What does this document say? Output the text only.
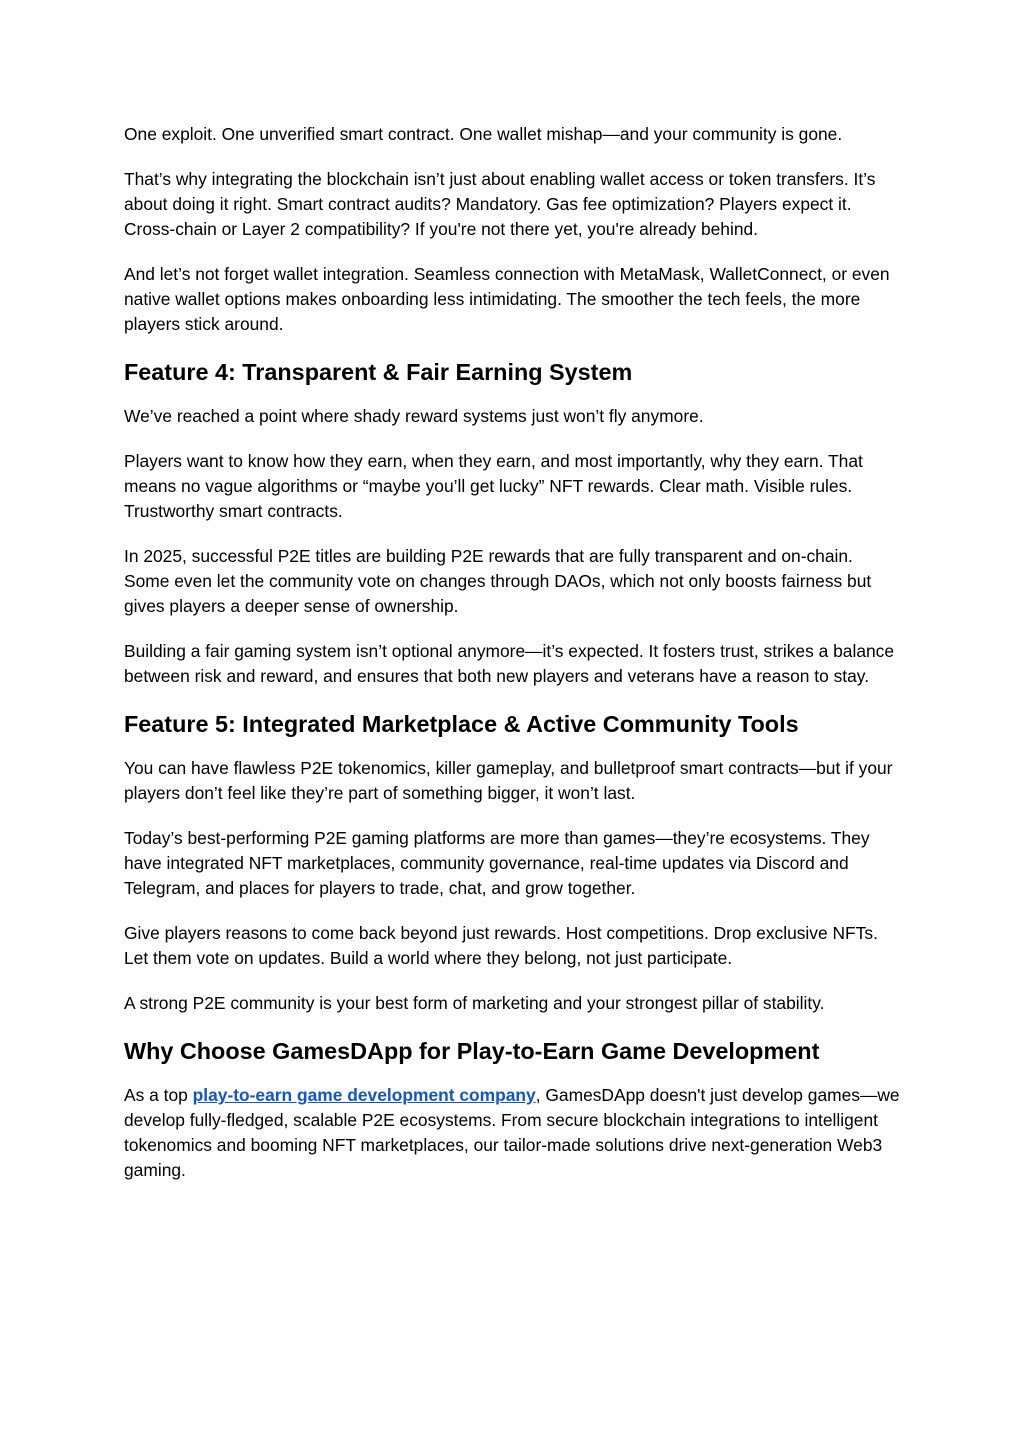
One exploit. One unverified smart contract. One wallet mishap—and your community is gone.

That’s why integrating the blockchain isn’t just about enabling wallet access or token transfers. It’s about doing it right. Smart contract audits? Mandatory. Gas fee optimization? Players expect it. Cross-chain or Layer 2 compatibility? If you're not there yet, you're already behind.

And let’s not forget wallet integration. Seamless connection with MetaMask, WalletConnect, or even native wallet options makes onboarding less intimidating. The smoother the tech feels, the more players stick around.

Feature 4: Transparent & Fair Earning System

We’ve reached a point where shady reward systems just won’t fly anymore.

Players want to know how they earn, when they earn, and most importantly, why they earn. That means no vague algorithms or “maybe you’ll get lucky” NFT rewards. Clear math. Visible rules. Trustworthy smart contracts.

In 2025, successful P2E titles are building P2E rewards that are fully transparent and on-chain. Some even let the community vote on changes through DAOs, which not only boosts fairness but gives players a deeper sense of ownership.

Building a fair gaming system isn’t optional anymore—it’s expected. It fosters trust, strikes a balance between risk and reward, and ensures that both new players and veterans have a reason to stay.

Feature 5: Integrated Marketplace & Active Community Tools

You can have flawless P2E tokenomics, killer gameplay, and bulletproof smart contracts—but if your players don’t feel like they’re part of something bigger, it won’t last.

Today’s best-performing P2E gaming platforms are more than games—they’re ecosystems. They have integrated NFT marketplaces, community governance, real-time updates via Discord and Telegram, and places for players to trade, chat, and grow together.

Give players reasons to come back beyond just rewards. Host competitions. Drop exclusive NFTs. Let them vote on updates. Build a world where they belong, not just participate.

A strong P2E community is your best form of marketing and your strongest pillar of stability.

Why Choose GamesDApp for Play-to-Earn Game Development

As a top play-to-earn game development company, GamesDApp doesn't just develop games—we develop fully-fledged, scalable P2E ecosystems. From secure blockchain integrations to intelligent tokenomics and booming NFT marketplaces, our tailor-made solutions drive next-generation Web3 gaming.
